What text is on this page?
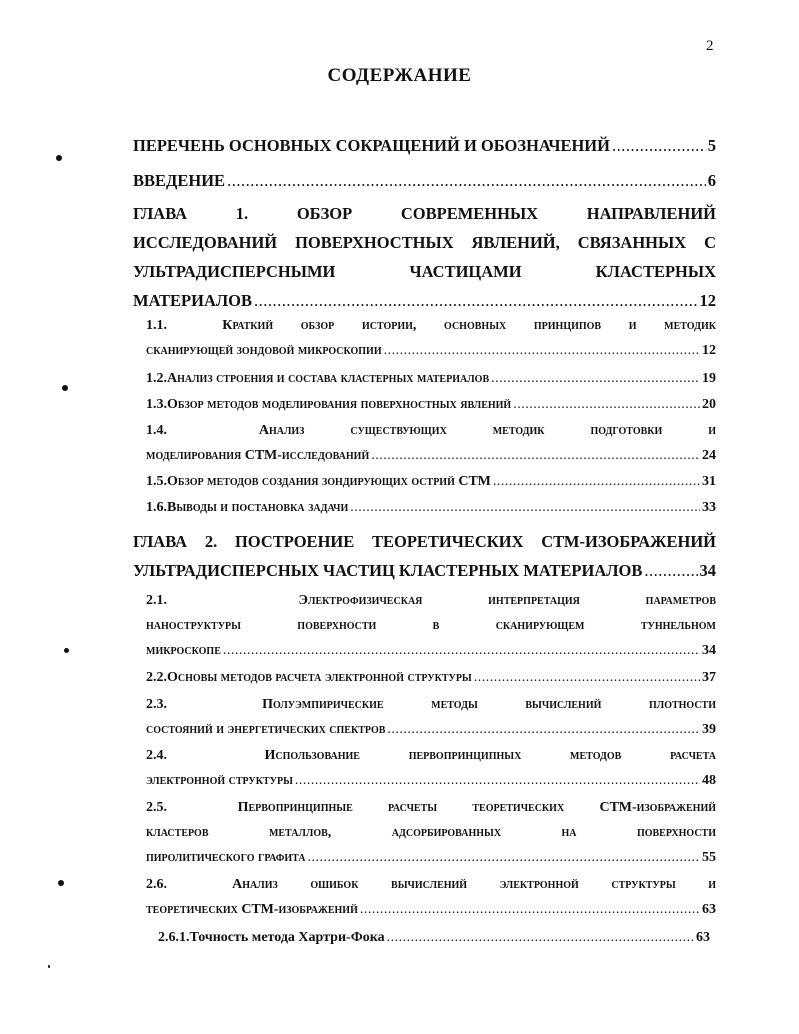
2
СОДЕРЖАНИЕ
ПЕРЕЧЕНЬ ОСНОВНЫХ СОКРАЩЕНИЙ И ОБОЗНАЧЕНИЙ .....	5
ВВЕДЕНИЕ .....	6
ГЛАВА 1. ОБЗОР СОВРЕМЕННЫХ НАПРАВЛЕНИЙ
ИССЛЕДОВАНИЙ ПОВЕРХНОСТНЫХ ЯВЛЕНИЙ, СВЯЗАННЫХ С
УЛЬТРАДИСПЕРСНЫМИ ЧАСТИЦАМИ КЛАСТЕРНЫХ
МАТЕРИАЛОВ .....	12
1.1.	Краткий обзор истории, основных принципов и методик
сканирующей зондовой микроскопии .....	12
1.2. Анализ строения и состава кластерных материалов .....	19
1.3. Обзор методов моделирования поверхностных явлений .....	20
1.4.	Анализ существующих методик подготовки и
моделирования СТМ-исследований .....	24
1.5. Обзор методов создания зондирующих острий СТМ .....	31
1.6. Выводы и постановка задачи .....	33
ГЛАВА 2. ПОСТРОЕНИЕ ТЕОРЕТИЧЕСКИХ СТМ-ИЗОБРАЖЕНИЙ
УЛЬТРАДИСПЕРСНЫХ ЧАСТИЦ КЛАСТЕРНЫХ МАТЕРИАЛОВ .....	34
2.1.	Электрофизическая интерпретация параметров
наноструктуры поверхности в сканирующем туннельном
микроскопе .....	34
2.2. Основы методов расчета электронной структуры .....	37
2.3.	Полуэмпирические методы вычислений плотности
состояний и энергетических спектров .....	39
2.4.	Использование первопринципных методов расчета
электронной структуры .....	48
2.5.	Первопринципные расчеты теоретических СТМ-изображений
кластеров металлов, адсорбированных на поверхности
пиролитического графита .....	55
2.6.	Анализ ошибок вычислений электронной структуры и
теоретических СТМ-изображений .....	63
2.6.1. Точность метода Хартри-Фока .....	63
